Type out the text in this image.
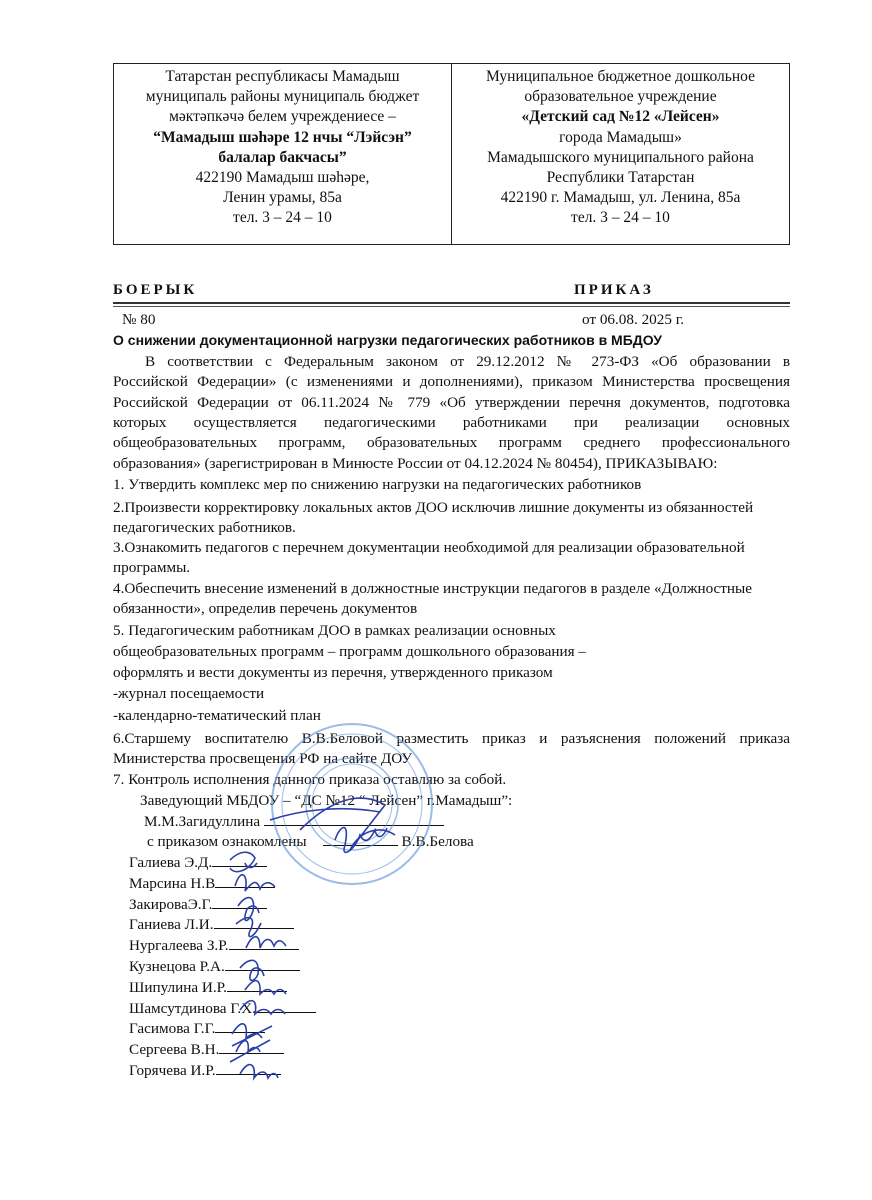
Татарстан республикасы Мамадыш
муниципаль районы муниципаль бюджет
мәктәпкәчә белем учреждениесе –
“Мамадыш шәһәре 12 нчы “Лэйсэн”
балалар бакчасы”
422190 Мамадыш шәһәре,
Ленин урамы, 85а
тел. 3 – 24 – 10
Муниципальное бюджетное дошкольное
образовательное учреждение
«Детский сад №12 «Лейсен»
города Мамадыш»
Мамадышского муниципального района
Республики Татарстан
422190 г. Мамадыш, ул. Ленина, 85а
тел. 3 – 24 – 10
БОЕРЫК	ПРИКАЗ
№ 80	от 06.08. 2025 г.
О снижении документационной нагрузки педагогических работников в МБДОУ
В соответствии с Федеральным законом от 29.12.2012 № 273-ФЗ «Об образовании в
Российской Федерации» (с изменениями и дополнениями), приказом Министерства просвещения
Российской Федерации от 06.11.2024 № 779 «Об утверждении перечня документов, подготовка
которых осуществляется педагогическими работниками при реализации основных
общеобразовательных программ, образовательных программ среднего профессионального
образования» (зарегистрирован в Минюсте России от 04.12.2024 № 80454), ПРИКАЗЫВАЮ:
1. Утвердить комплекс мер по снижению нагрузки на педагогических работников
2.Произвести корректировку локальных актов ДОО исключив лишние документы из обязанностей
педагогических работников.
3.Ознакомить педагогов с перечнем документации необходимой для реализации образовательной
программы.
4.Обеспечить внесение изменений в должностные инструкции педагогов в разделе «Должностные
обязанности», определив перечень документов
5. Педагогическим работникам ДОО в рамках реализации основных
общеобразовательных программ – программ дошкольного образования –
оформлять и вести документы из перечня, утвержденного приказом
-журнал посещаемости
-календарно-тематический план
6.Старшему воспитателю В.В.Беловой разместить приказ и разъяснения положений приказа
Министерства просвещения РФ на сайте ДОУ
7. Контроль исполнения данного приказа оставляю за собой.
Заведующий МБДОУ – “ДС №12 “ Лейсен” г.Мамадыш”:
М.М.Загидуллина
с приказом ознакомлены	В.В.Белова
Галиева Э.Д.
Марсина Н.В
ЗакироваЭ.Г.
Ганиева Л.И.
Нургалеева З.Р.
Кузнецова Р.А.
Шипулина И.Р.
Шамсутдинова Г.Х.
Гасимова Г.Г.
Сергеева В.Н.
Горячева И.Р.
